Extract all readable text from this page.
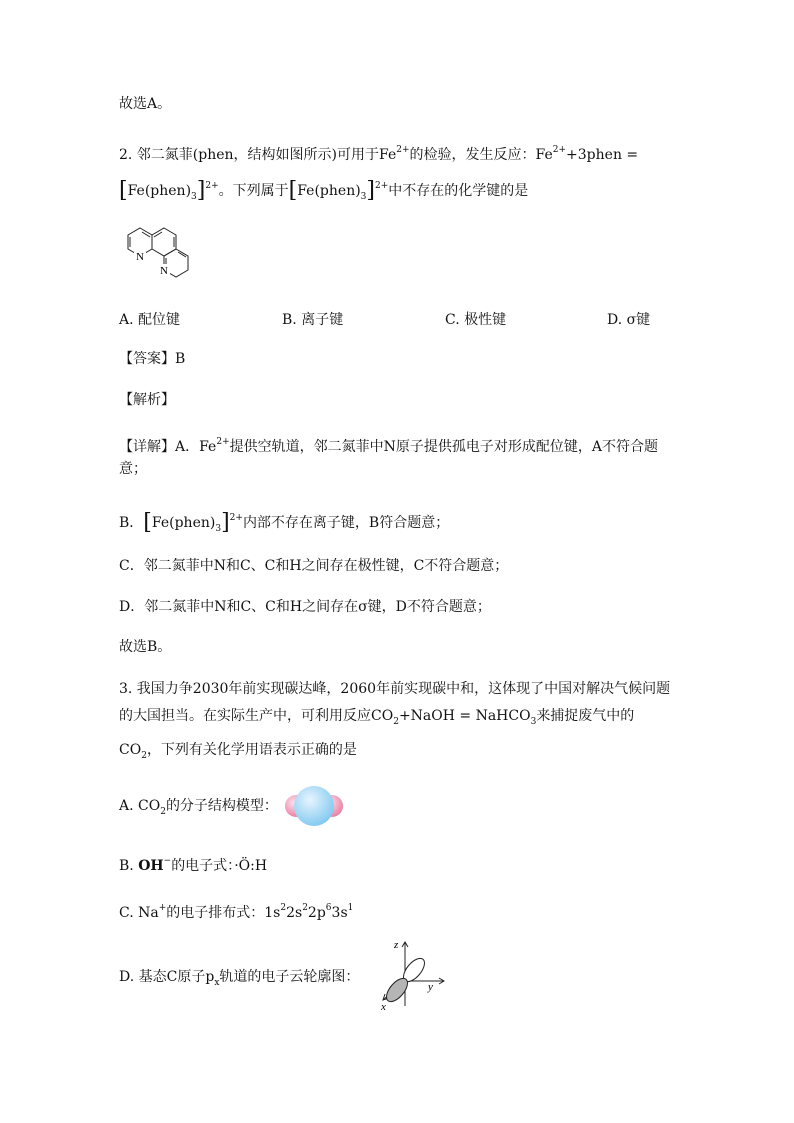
故选A。
2. 邻二氮菲(phen，结构如图所示)可用于$Fe^{2+}$的检验，发生反应：$Fe^{2+}+3phen$ =
$[Fe(phen)_3]^{2+}$。下列属于$[Fe(phen)_3]^{2+}$中不存在的化学键的是
N
N
A. 配位键	B. 离子键	C. 极性键	D. σ键
【答案】B
【解析】
【详解】A．$Fe^{2+}$提供空轨道，邻二氮菲中N原子提供孤电子对形成配位键，A不符合题
意；
B．$[Fe(phen)_3]^{2+}$内部不存在离子键，B符合题意；
C．邻二氮菲中N和C、C和H之间存在极性键，C不符合题意；
D．邻二氮菲中N和C、C和H之间存在σ键，D不符合题意；
故选B。
3. 我国力争2030年前实现碳达峰，2060年前实现碳中和，这体现了中国对解决气候问题
的大国担当。在实际生产中，可利用反应$CO_2+NaOH$ = NaHCO$_3$来捕捉废气中的
$CO_2$，下列有关化学用语表示正确的是
A. $CO_2$的分子结构模型：
B. OH−的电子式：·Ö:H
C. Na+的电子排布式：$1s^22s^22p^63s^1$
D. 基态C原子$p_x$轨道的电子云轮廓图：
z
y
x
